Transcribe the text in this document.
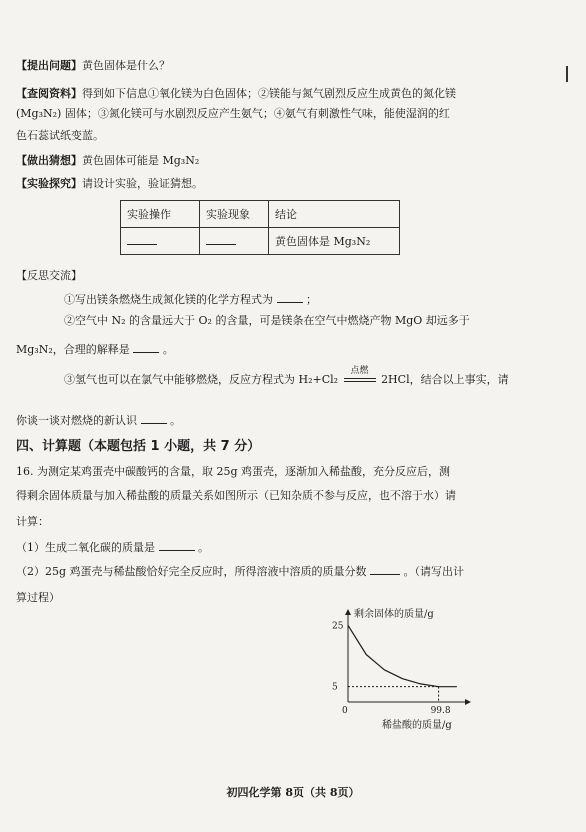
【提出问题】黄色固体是什么？
【查阅资料】得到如下信息①氧化镁为白色固体；②镁能与氮气剧烈反应生成黄色的氮化镁
(Mg₃N₂) 固体；③氮化镁可与水剧烈反应产生氨气；④氨气有刺激性气味，能使湿润的红
色石蕊试纸变蓝。
【做出猜想】黄色固体可能是 Mg₃N₂
【实验探究】请设计实验，验证猜想。
实验操作	实验现象	结论
		黄色固体是 Mg₃N₂
【反思交流】
①写出镁条燃烧生成氮化镁的化学方程式为	；
②空气中 N₂ 的含量远大于 O₂ 的含量，可是镁条在空气中燃烧产物 MgO 却远多于
Mg₃N₂，合理的解释是	。
③氢气也可以在氯气中能够燃烧，反应方程式为 H₂+Cl₂
点燃
2HCl，结合以上事实，请
你谈一谈对燃烧的新认识	。
四、计算题（本题包括 1 小题，共 7 分）
16. 为测定某鸡蛋壳中碳酸钙的含量，取 25g 鸡蛋壳，逐渐加入稀盐酸，充分反应后，测
得剩余固体质量与加入稀盐酸的质量关系如图所示（已知杂质不参与反应，也不溶于水）请
计算：
（1）生成二氧化碳的质量是	。
（2）25g 鸡蛋壳与稀盐酸恰好完全反应时，所得溶液中溶质的质量分数	。（请写出计
算过程）
剩余固体的质量/g
稀盐酸的质量/g
0
25
5
99.8
初四化学第 8页（共 8页）
